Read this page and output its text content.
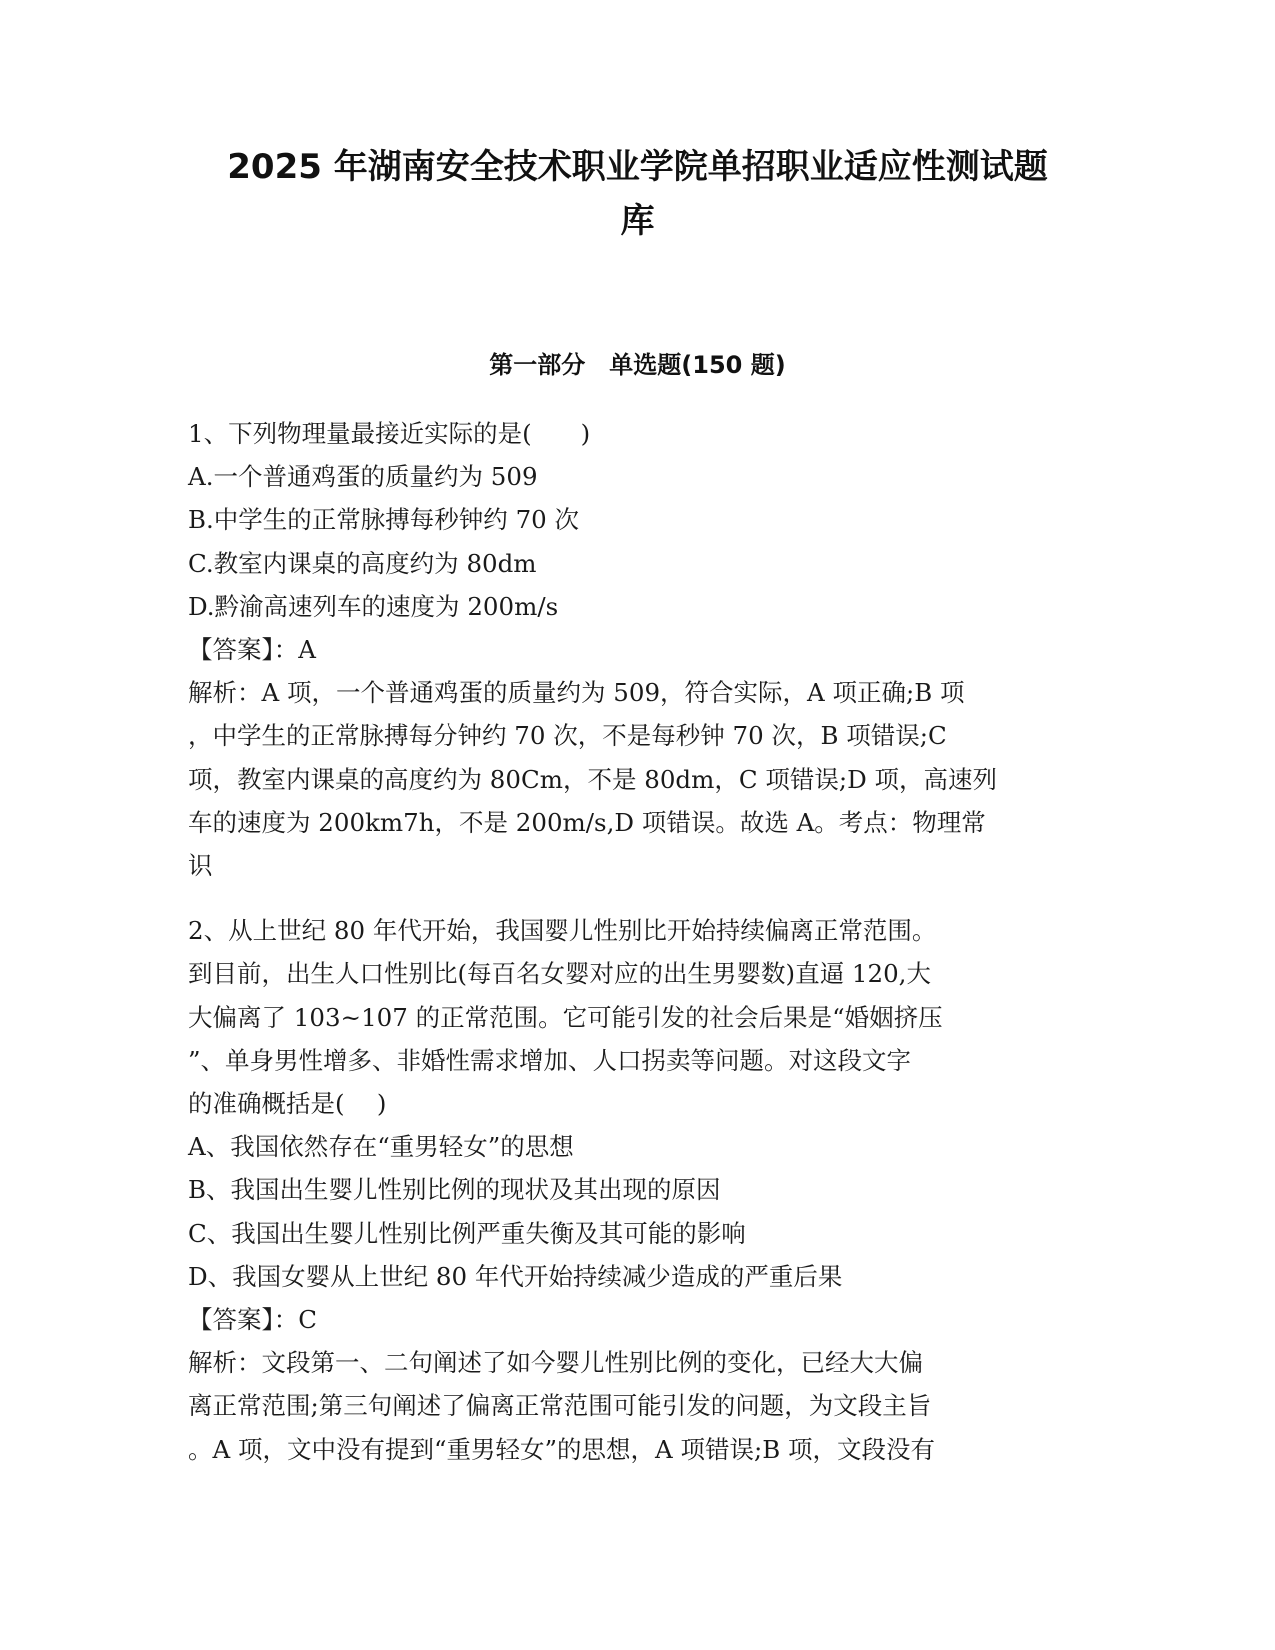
2025 年湖南安全技术职业学院单招职业适应性测试题
库
第一部分　单选题(150 题)
1、下列物理量最接近实际的是(　　)
A.一个普通鸡蛋的质量约为 509
B.中学生的正常脉搏每秒钟约 70 次
C.教室内课桌的高度约为 80dm
D.黔渝高速列车的速度为 200m/s
【答案】：A
解析：A 项，一个普通鸡蛋的质量约为 509，符合实际，A 项正确;B 项
，中学生的正常脉搏每分钟约 70 次，不是每秒钟 70 次，B 项错误;C
项，教室内课桌的高度约为 80Cm，不是 80dm，C 项错误;D 项，高速列
车的速度为 200km7h，不是 200m/s,D 项错误。故选 A。考点：物理常
识
2、从上世纪 80 年代开始，我国婴儿性别比开始持续偏离正常范围。
到目前，出生人口性别比(每百名女婴对应的出生男婴数)直逼 120,大
大偏离了 103~107 的正常范围。它可能引发的社会后果是“婚姻挤压
”、单身男性增多、非婚性需求增加、人口拐卖等问题。对这段文字
的准确概括是(　 )
A、我国依然存在“重男轻女”的思想
B、我国出生婴儿性别比例的现状及其出现的原因
C、我国出生婴儿性别比例严重失衡及其可能的影响
D、我国女婴从上世纪 80 年代开始持续减少造成的严重后果
【答案】：C
解析：文段第一、二句阐述了如今婴儿性别比例的变化，已经大大偏
离正常范围;第三句阐述了偏离正常范围可能引发的问题，为文段主旨
。A 项，文中没有提到“重男轻女”的思想，A 项错误;B 项，文段没有
